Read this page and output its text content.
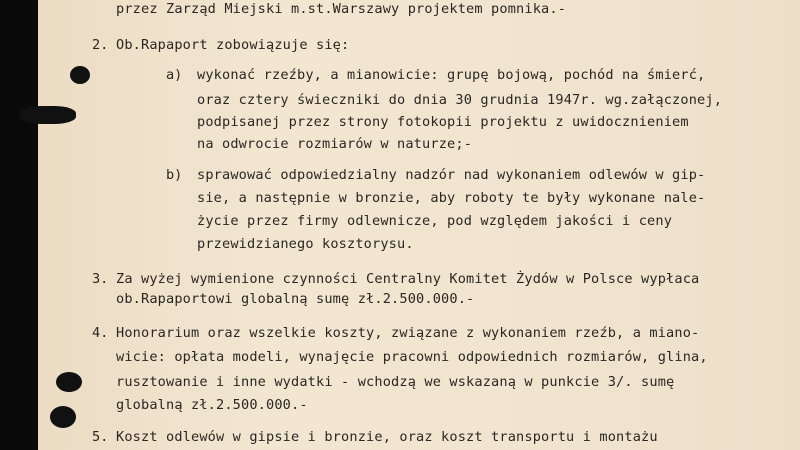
przez Zarząd Miejski m.st.Warszawy projektem pomnika.-
2. Ob.Rapaport zobowiązuje się:
a) wykonać rzeźby, a mianowicie: grupę bojową, pochód na śmierć,
oraz cztery świeczniki do dnia 30 grudnia 1947r. wg.załączonej,
podpisanej przez strony fotokopii projektu z uwidocznieniem
na odwrocie rozmiarów w naturze;-
b) sprawować odpowiedzialny nadzór nad wykonaniem odlewów w gip-
sie, a następnie w bronzie, aby roboty te były wykonane nale-
życie przez firmy odlewnicze, pod względem jakości i ceny
przewidzianego kosztorysu.
3. Za wyżej wymienione czynności Centralny Komitet Żydów w Polsce wypłaca
ob.Rapaportowi globalną sumę zł.2.500.000.-
4. Honorarium oraz wszelkie koszty, związane z wykonaniem rzeźb, a miano-
wicie: opłata modeli, wynajęcie pracowni odpowiednich rozmiarów, glina,
rusztowanie i inne wydatki - wchodzą we wskazaną w punkcie 3/. sumę
globalną zł.2.500.000.-
5. Koszt odlewów w gipsie i bronzie, oraz koszt transportu i montażu
